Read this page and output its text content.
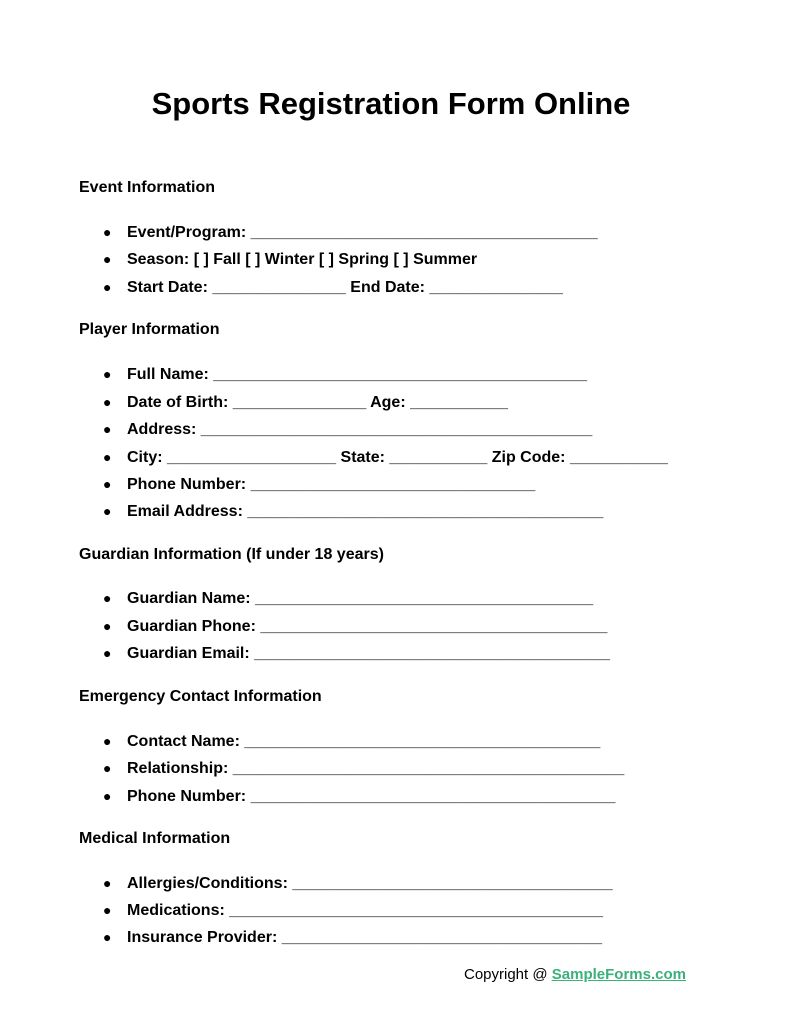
Sports Registration Form Online
Event Information
● Event/Program: _______________________________________
● Season: [ ] Fall [ ] Winter [ ] Spring [ ] Summer
● Start Date: _______________ End Date: _______________
Player Information
● Full Name: __________________________________________
● Date of Birth: _______________ Age: ___________
● Address: ____________________________________________
● City: ___________________ State: ___________ Zip Code: ___________
● Phone Number: ________________________________
● Email Address: ________________________________________
Guardian Information (If under 18 years)
● Guardian Name: ______________________________________
● Guardian Phone: _______________________________________
● Guardian Email: ________________________________________
Emergency Contact Information
● Contact Name: ________________________________________
● Relationship: ____________________________________________
● Phone Number: _________________________________________
Medical Information
● Allergies/Conditions: ____________________________________
● Medications: __________________________________________
● Insurance Provider: ____________________________________
Copyright @ SampleForms.com
